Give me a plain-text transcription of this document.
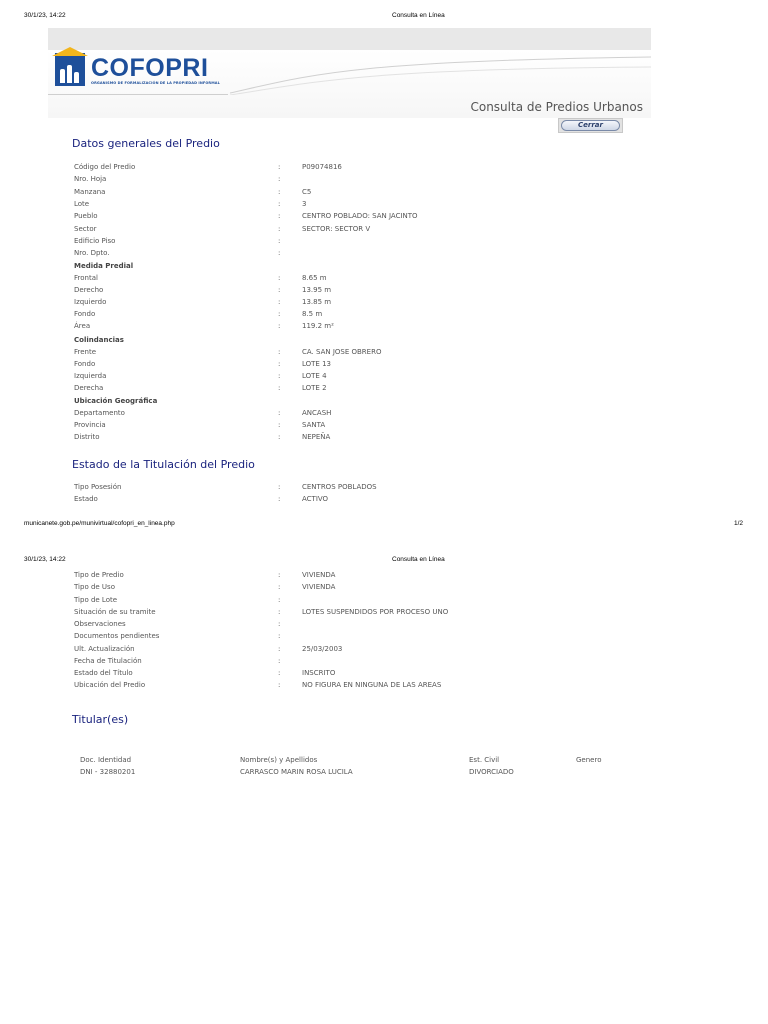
30/1/23, 14:22	Consulta en Línea
COFOPRI
ORGANISMO DE FORMALIZACIÓN DE LA PROPIEDAD INFORMAL
Consulta de Predios Urbanos
Cerrar
Datos generales del Predio
Código del Predio	:	P09074816
Nro. Hoja	:
Manzana	:	C5
Lote	:	3
Pueblo	:	CENTRO POBLADO: SAN JACINTO
Sector	:	SECTOR: SECTOR V
Edificio Piso	:
Nro. Dpto.	:
Medida Predial
Frontal	:	8.65 m
Derecho	:	13.95 m
Izquierdo	:	13.85 m
Fondo	:	8.5 m
Área	:	119.2 m²
Colindancias
Frente	:	CA. SAN JOSE OBRERO
Fondo	:	LOTE 13
Izquierda	:	LOTE 4
Derecha	:	LOTE 2
Ubicación Geográfica
Departamento	:	ANCASH
Provincia	:	SANTA
Distrito	:	NEPEÑA
Estado de la Titulación del Predio
Tipo Posesión	:	CENTROS POBLADOS
Estado	:	ACTIVO
municanete.gob.pe/munivirtual/cofopri_en_linea.php	1/2
30/1/23, 14:22	Consulta en Línea
Tipo de Predio	:	VIVIENDA
Tipo de Uso	:	VIVIENDA
Tipo de Lote	:
Situación de su tramite	:	LOTES SUSPENDIDOS POR PROCESO UNO
Observaciones	:
Documentos pendientes	:
Ult. Actualización	:	25/03/2003
Fecha de Titulación	:
Estado del Título	:	INSCRITO
Ubicación del Predio	:	NO FIGURA EN NINGUNA DE LAS AREAS
Titular(es)
Doc. Identidad	Nombre(s) y Apellidos	Est. Civil	Genero
DNI - 32880201	CARRASCO MARIN ROSA LUCILA	DIVORCIADO
